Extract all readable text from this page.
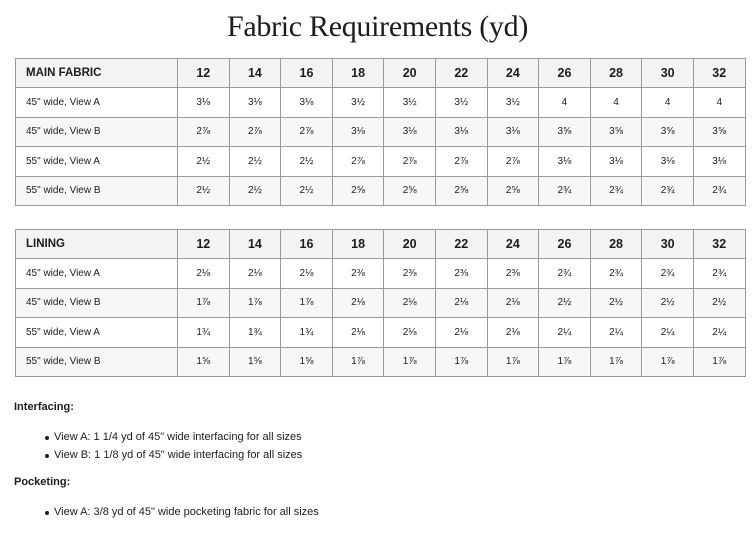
Fabric Requirements (yd)
MAIN FABRIC	12	14	16	18	20	22	24	26	28	30	32
45" wide, View A	3⅛	3⅛	3⅛	3½	3½	3½	3½	4	4	4	4
45" wide, View B	2⅞	2⅞	2⅞	3⅛	3⅛	3⅛	3⅛	3⅝	3⅝	3⅝	3⅝
55" wide, View A	2½	2½	2½	2⅞	2⅞	2⅞	2⅞	3⅛	3⅛	3⅛	3⅛
55" wide, View B	2½	2½	2½	2⅝	2⅝	2⅝	2⅝	2¾	2¾	2¾	2¾
LINING	12	14	16	18	20	22	24	26	28	30	32
45" wide, View A	2⅛	2⅛	2⅛	2⅜	2⅜	2⅜	2⅜	2¾	2¾	2¾	2¾
45" wide, View B	1⅞	1⅞	1⅞	2⅛	2⅛	2⅛	2⅛	2½	2½	2½	2½
55" wide, View A	1¾	1¾	1¾	2⅛	2⅛	2⅛	2⅛	2¼	2¼	2¼	2¼
55" wide, View B	1⅝	1⅝	1⅝	1⅞	1⅞	1⅞	1⅞	1⅞	1⅞	1⅞	1⅞
Interfacing:
View A: 1 1/4 yd of 45" wide interfacing for all sizes
View B: 1 1/8 yd of 45" wide interfacing for all sizes
Pocketing:
View A: 3/8 yd of 45" wide pocketing fabric for all sizes
